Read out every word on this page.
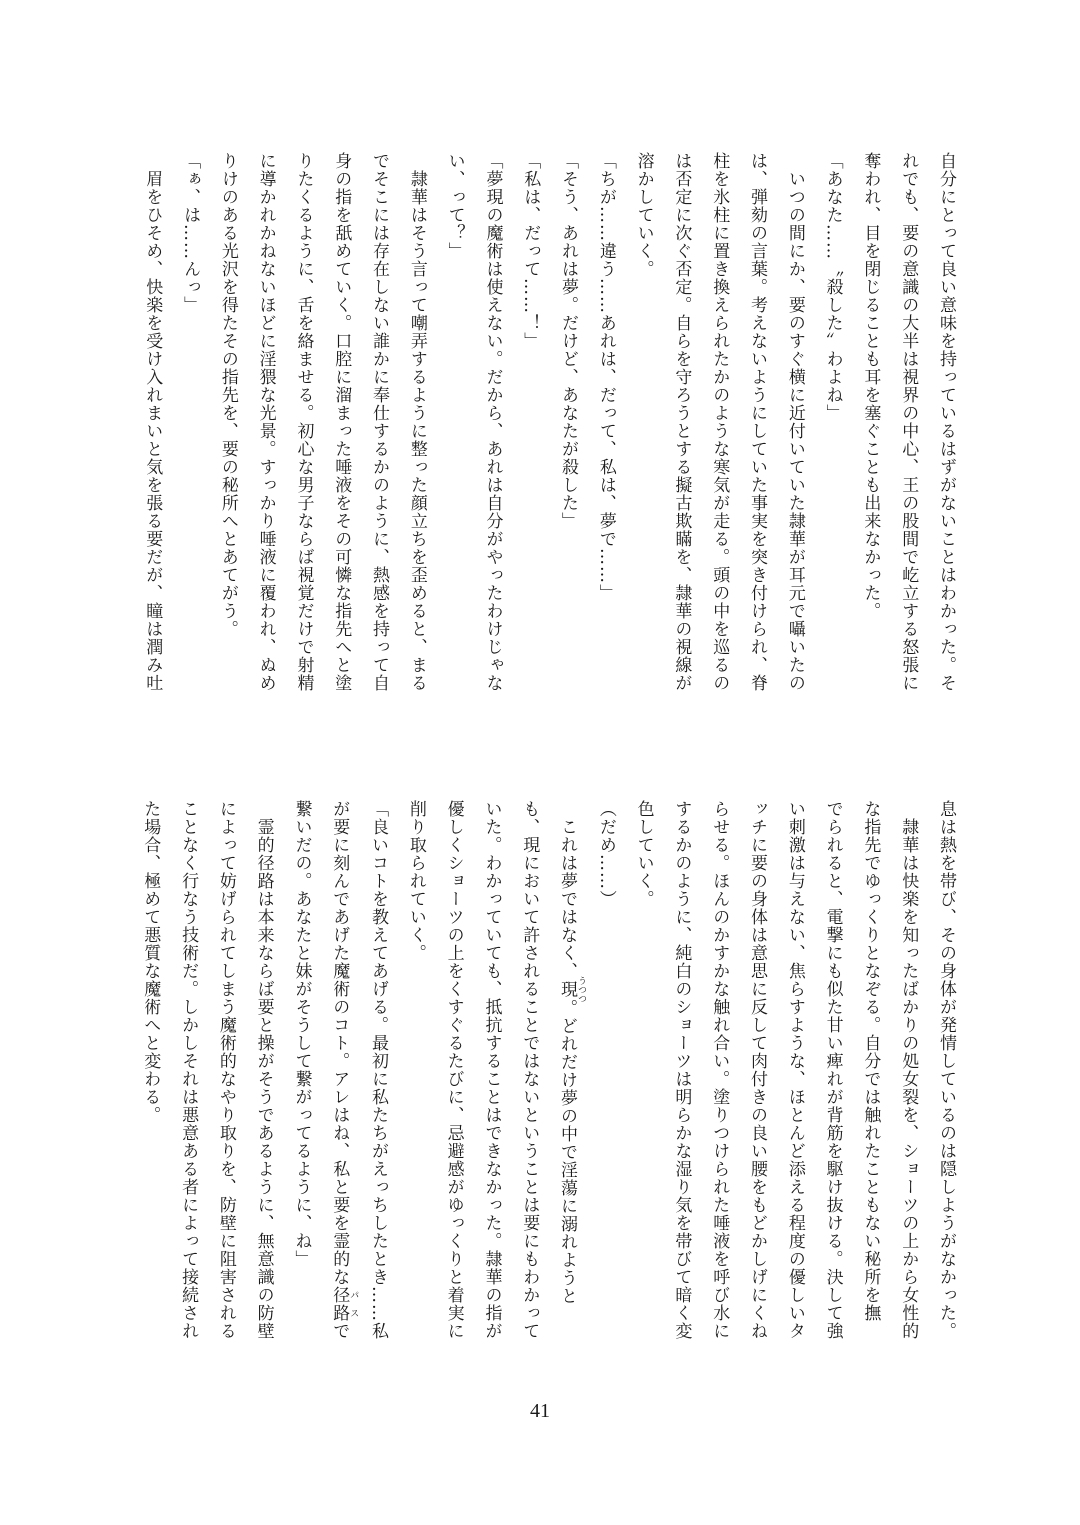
自分にとって良い意味を持っているはずがないことはわかった。そ
れでも、要の意識の大半は視界の中心、王の股間で屹立する怒張に
奪われ、目を閉じることも耳を塞ぐことも出来なかった。
「あなた……〝殺した〟わよね」
　いつの間にか、要のすぐ横に近付いていた隷華が耳元で囁いたの
は、弾劾の言葉。考えないようにしていた事実を突き付けられ、脊
柱を氷柱に置き換えられたかのような寒気が走る。頭の中を巡るの
は否定に次ぐ否定。自らを守ろうとする擬古欺瞞を、隷華の視線が
溶かしていく。
「ちが……違う……あれは、だって、私は、夢で……」
「そう、あれは夢。だけど、あなたが殺した」
「私は、だって……！」
「夢現の魔術は使えない。だから、あれは自分がやったわけじゃな
い、って？」
　隷華はそう言って嘲弄するように整った顔立ちを歪めると、まる
でそこには存在しない誰かに奉仕するかのように、熱感を持って自
身の指を舐めていく。口腔に溜まった唾液をその可憐な指先へと塗
りたくるように、舌を絡ませる。初心な男子ならば視覚だけで射精
に導かれかねないほどに淫猥な光景。すっかり唾液に覆われ、ぬめ
りけのある光沢を得たその指先を、要の秘所へとあてがう。
「ぁ、は……んっ」
　眉をひそめ、快楽を受け入れまいと気を張る要だが、瞳は潤み吐
息は熱を帯び、その身体が発情しているのは隠しようがなかった。
　隷華は快楽を知ったばかりの処女裂を、ショーツの上から女性的
な指先でゆっくりとなぞる。自分では触れたこともない秘所を撫
でられると、電撃にも似た甘い痺れが背筋を駆け抜ける。決して強
い刺激は与えない、焦らすような、ほとんど添える程度の優しいタ
ッチに要の身体は意思に反して肉付きの良い腰をもどかしげにくね
らせる。ほんのかすかな触れ合い。塗りつけられた唾液を呼び水に
するかのように、純白のショーツは明らかな湿り気を帯びて暗く変
色していく。
（だめ……）
　これは夢ではなく、現 うつつ。どれだけ夢の中で淫蕩に溺れようと
も、現において許されることではないということは要にもわかって
いた。わかっていても、抵抗することはできなかった。隷華の指が
優しくショーツの上をくすぐるたびに、忌避感がゆっくりと着実に
削り取られていく。
「良いコトを教えてあげる。最初に私たちがえっちしたとき……私
が要に刻んであげた魔術のコト。アレはね、私と要を霊的な径路 パスで
繋いだの。あなたと妹がそうして繋がってるように、ね」
　霊的径路は本来ならば要と操がそうであるように、無意識の防壁
によって妨げられてしまう魔術的なやり取りを、防壁に阻害される
ことなく行なう技術だ。しかしそれは悪意ある者によって接続され
た場合、極めて悪質な魔術へと変わる。
41
